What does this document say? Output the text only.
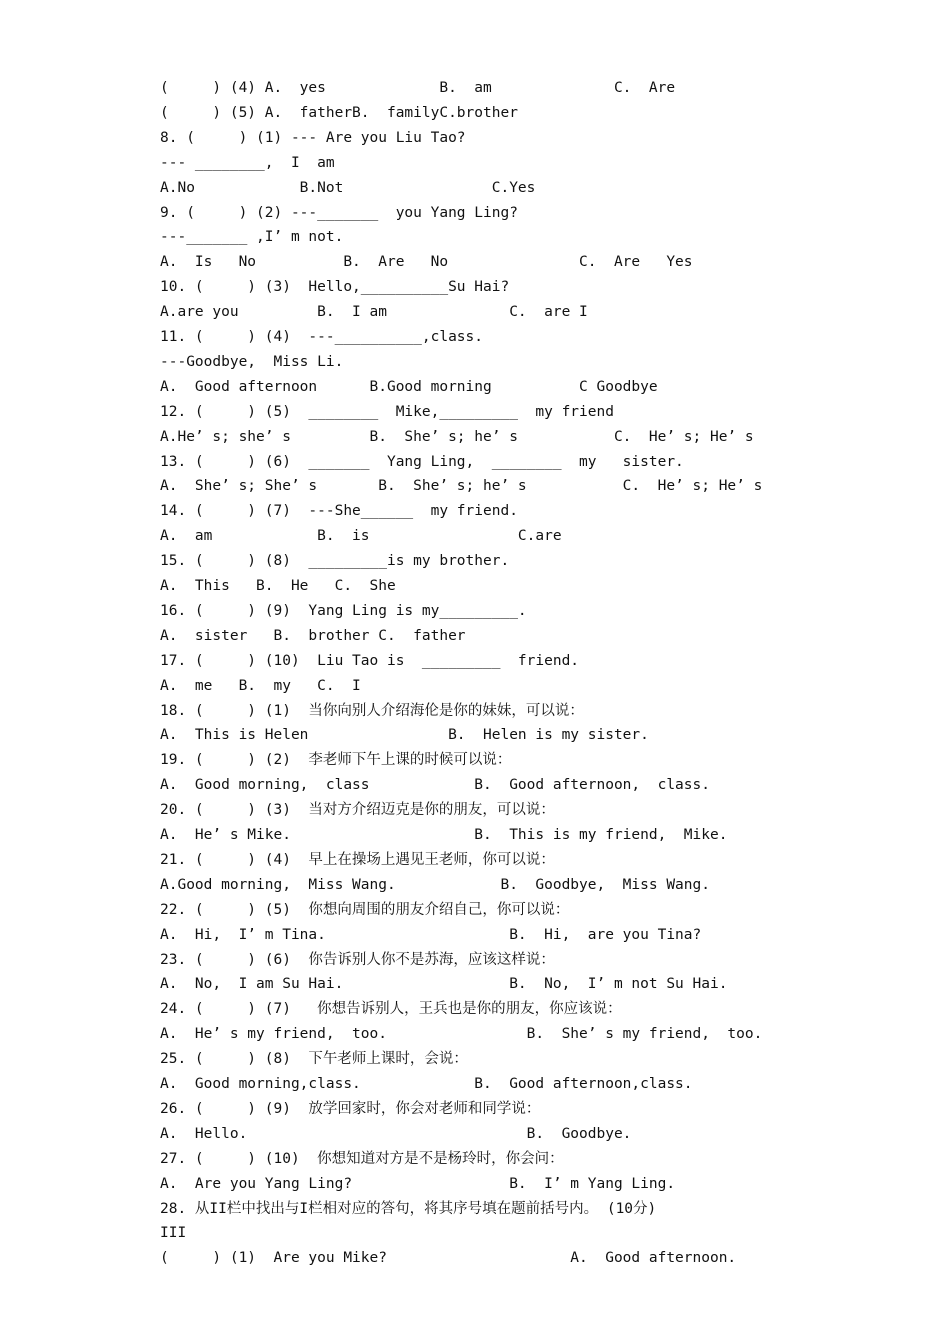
(     ) (4) A.  yes             B.  am              C.  Are
(     ) (5) A.  fatherB.  familyC.brother
8. (     ) (1) --- Are you Liu Tao?
--- ________,  I  am
A.No            B.Not                 C.Yes
9. (     ) (2) ---_______  you Yang Ling?
---_______ ,I’ m not.
A.  Is   No          B.  Are   No               C.  Are   Yes
10. (     ) (3)  Hello,__________Su Hai?
A.are you         B.  I am              C.  are I
11. (     ) (4)  ---__________,class.
---Goodbye,  Miss Li.
A.  Good afternoon      B.Good morning          C Goodbye
12. (     ) (5)  ________  Mike,_________  my friend
A.He’ s; she’ s         B.  She’ s; he’ s           C.  He’ s; He’ s
13. (     ) (6)  _______  Yang Ling,  ________  my   sister.
A.  She’ s; She’ s       B.  She’ s; he’ s           C.  He’ s; He’ s
14. (     ) (7)  ---She______  my friend.
A.  am            B.  is                 C.are
15. (     ) (8)  _________is my brother.
A.  This   B.  He   C.  She
16. (     ) (9)  Yang Ling is my_________.
A.  sister   B.  brother C.  father
17. (     ) (10)  Liu Tao is  _________  friend.
A.  me   B.  my   C.  I
18. (     ) (1)  当你向别人介绍海伦是你的妹妹，可以说：
A.  This is Helen                B.  Helen is my sister.
19. (     ) (2)  李老师下午上课的时候可以说：
A.  Good morning,  class            B.  Good afternoon,  class.
20. (     ) (3)  当对方介绍迈克是你的朋友，可以说：
A.  He’ s Mike.                     B.  This is my friend,  Mike.
21. (     ) (4)  早上在操场上遇见王老师，你可以说：
A.Good morning,  Miss Wang.            B.  Goodbye,  Miss Wang.
22. (     ) (5)  你想向周围的朋友介绍自己，你可以说：
A.  Hi,  I’ m Tina.                     B.  Hi,  are you Tina?
23. (     ) (6)  你告诉别人你不是苏海，应该这样说：
A.  No,  I am Su Hai.                   B.  No,  I’ m not Su Hai.
24. (     ) (7)   你想告诉别人，王兵也是你的朋友，你应该说：
A.  He’ s my friend,  too.                B.  She’ s my friend,  too.
25. (     ) (8)  下午老师上课时，会说：
A.  Good morning,class.             B.  Good afternoon,class.
26. (     ) (9)  放学回家时，你会对老师和同学说：
A.  Hello.                                B.  Goodbye.
27. (     ) (10)  你想知道对方是不是杨玲时，你会问：
A.  Are you Yang Ling?                  B.  I’ m Yang Ling.
28. 从II栏中找出与I栏相对应的答句，将其序号填在题前括号内。 (10分)
III
(     ) (1)  Are you Mike?                     A.  Good afternoon.
